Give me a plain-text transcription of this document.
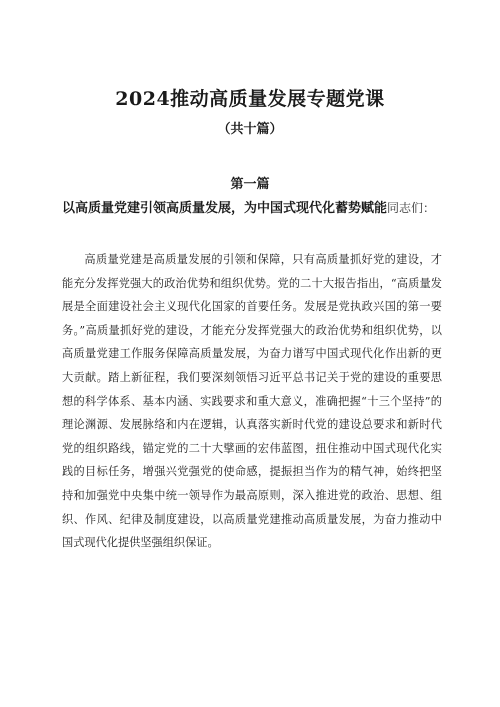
2024推动高质量发展专题党课
（共十篇）
第一篇
以高质量党建引领高质量发展，为中国式现代化蓄势赋能同志们：

高质量党建是高质量发展的引领和保障，只有高质量抓好党的建设，才能充分发挥党强大的政治优势和组织优势。党的二十大报告指出，“高质量发展是全面建设社会主义现代化国家的首要任务。发展是党执政兴国的第一要务。”高质量抓好党的建设，才能充分发挥党强大的政治优势和组织优势，以高质量党建工作服务保障高质量发展，为奋力谱写中国式现代化作出新的更大贡献。踏上新征程，我们要深刻领悟习近平总书记关于党的建设的重要思想的科学体系、基本内涵、实践要求和重大意义，准确把握“十三个坚持”的理论渊源、发展脉络和内在逻辑，认真落实新时代党的建设总要求和新时代党的组织路线，锚定党的二十大擘画的宏伟蓝图，扭住推动中国式现代化实践的目标任务，增强兴党强党的使命感，提振担当作为的精气神，始终把坚持和加强党中央集中统一领导作为最高原则，深入推进党的政治、思想、组织、作风、纪律及制度建设，以高质量党建推动高质量发展，为奋力推动中国式现代化提供坚强组织保证。
